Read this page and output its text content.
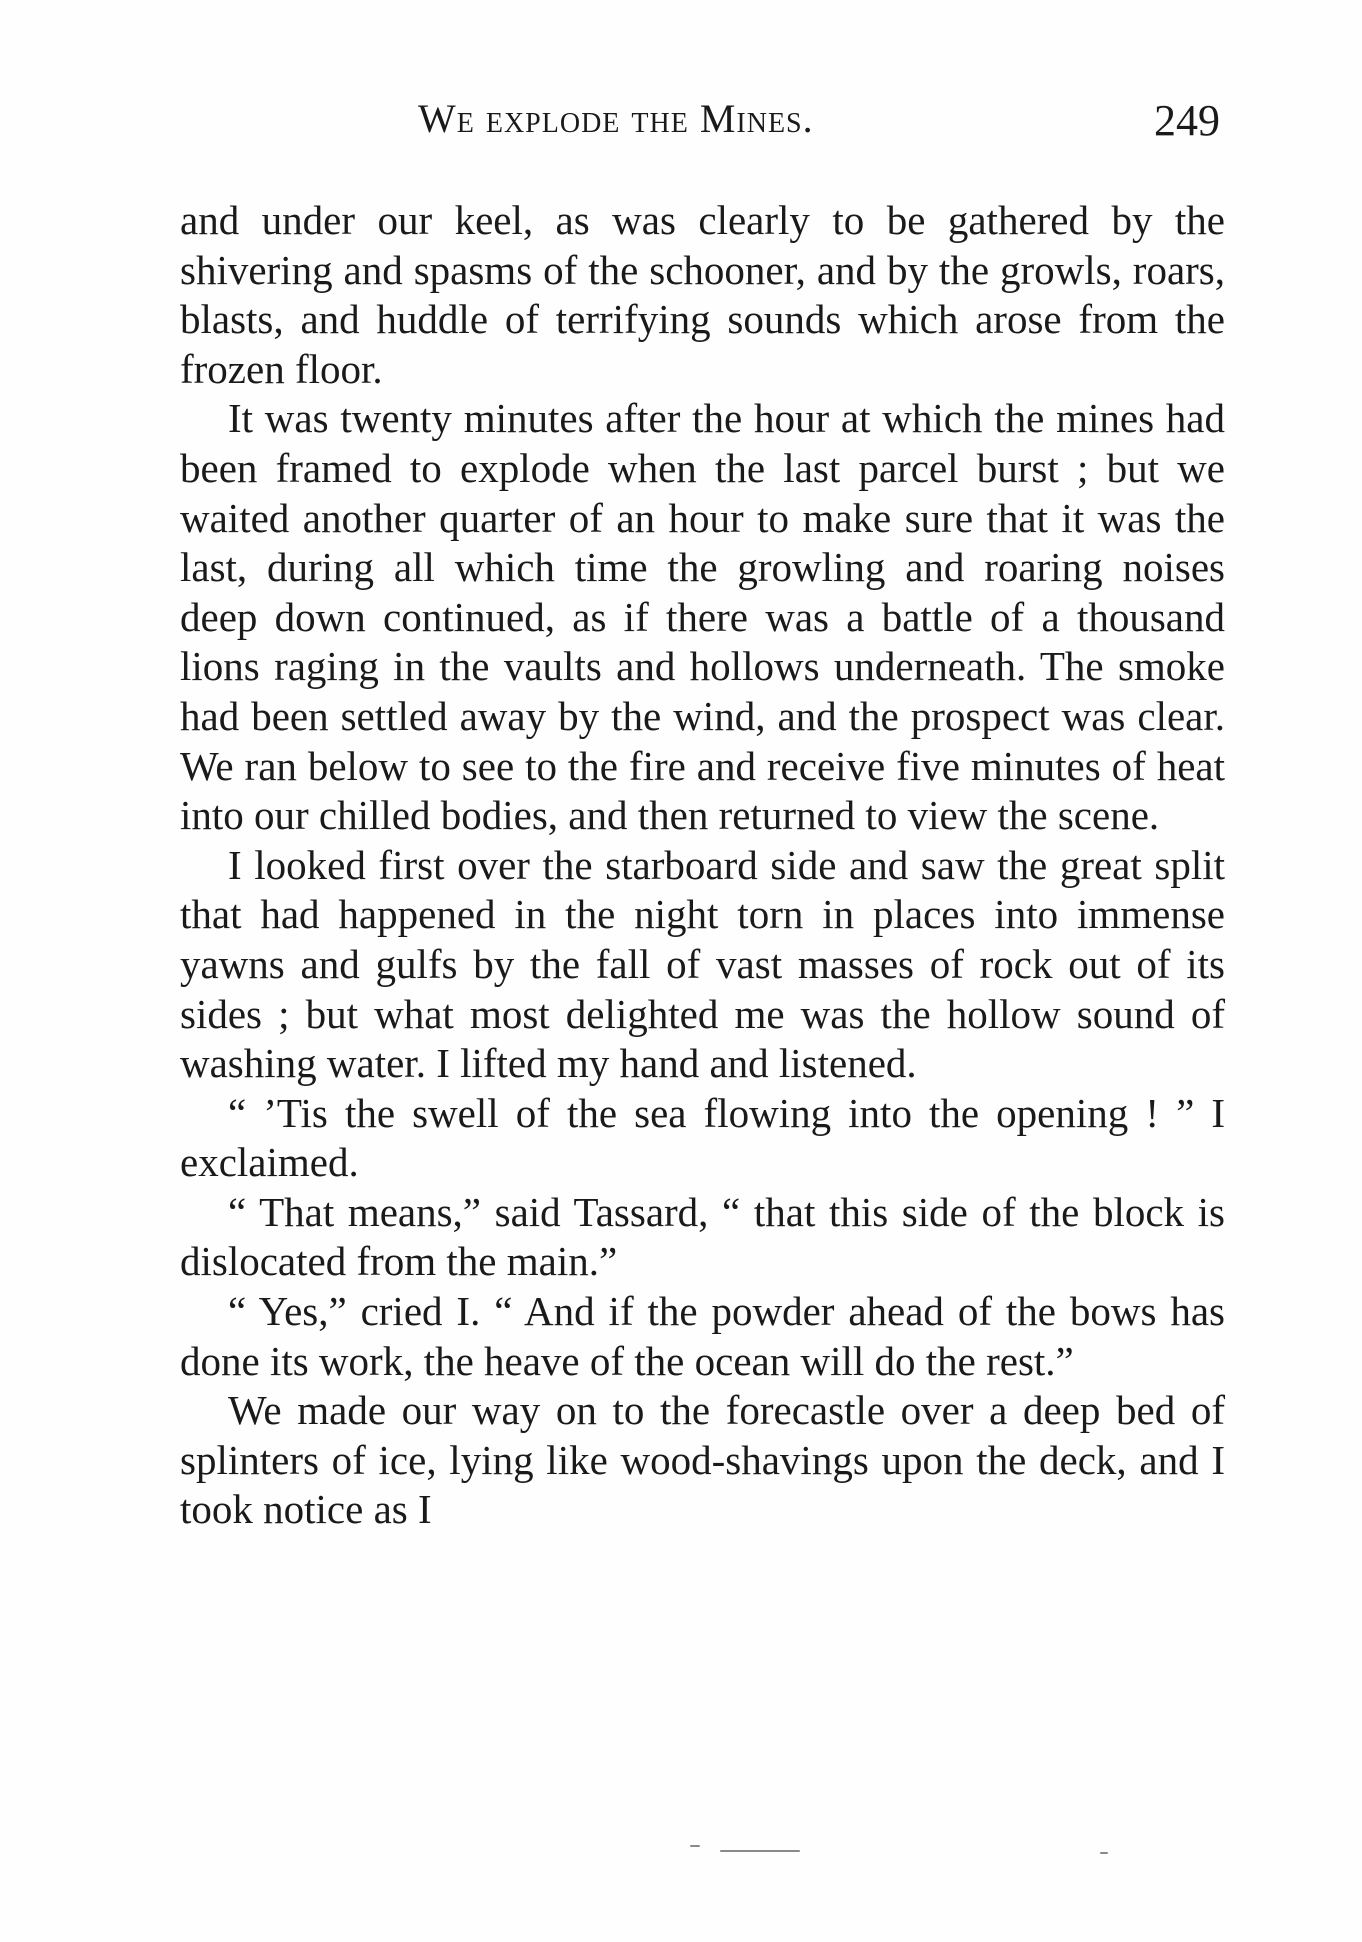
We explode the Mines.	249

and under our keel, as was clearly to be gathered by the shivering and spasms of the schooner, and by the growls, roars, blasts, and huddle of terrifying sounds which arose from the frozen floor.

It was twenty minutes after the hour at which the mines had been framed to explode when the last parcel burst ; but we waited another quarter of an hour to make sure that it was the last, during all which time the growling and roaring noises deep down continued, as if there was a battle of a thousand lions raging in the vaults and hollows underneath. The smoke had been settled away by the wind, and the prospect was clear. We ran below to see to the fire and receive five minutes of heat into our chilled bodies, and then returned to view the scene.

I looked first over the starboard side and saw the great split that had happened in the night torn in places into immense yawns and gulfs by the fall of vast masses of rock out of its sides ; but what most delighted me was the hollow sound of washing water. I lifted my hand and listened.

“ ’Tis the swell of the sea flowing into the opening ! ” I exclaimed.

“ That means,” said Tassard, “ that this side of the block is dislocated from the main.”

“ Yes,” cried I. “ And if the powder ahead of the bows has done its work, the heave of the ocean will do the rest.”

We made our way on to the forecastle over a deep bed of splinters of ice, lying like wood-shavings upon the deck, and I took notice as I
